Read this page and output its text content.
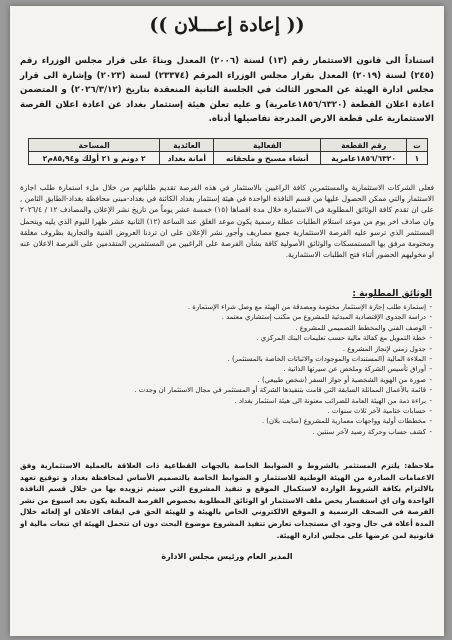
(( إعادة إعـــلان ))
استناداً الى قانون الاستثمار رقم (١٣) لسنة (٢٠٠٦) المعدل وبناءً على قرار مجلس الوزراء رقم (٢٤٥) لسنة (٢٠١٩) المعدل بقرار مجلس الوزراء المرقم (٢٣٣٧٤) لسنة (٢٠٢٣) وإشارة الى قرار مجلس ادارة الهيئة عن المحور الثالث في الجلسة الثانية المنعقدة بتاريخ (٢٠٢٦/٣/١٢) و المتضمن اعادة اعلان القطعة (١٨٥٦/٦٣٢٠عامرية) و عليه تعلن هيئة إستثمار بغداد عن اعادة اعلان الفرصة الاستثمارية على قطعة الارض المدرجة تفاصيلها أدناه.
ت	رقم القطعة	الفعالية	العائدية	المساحة
١	١٨٥٦/٦٣٢٠عامرية	أنشاء مسبح و ملحقاته	أمانة بغداد	٢ دونم و ٢١ أولك و٨٥,٩٤م٢
فعلى الشركات الاستثمارية والمستثمرين كافة الراغبين بالاستثمار في هذه الفرصة تقديم طلباتهم من خلال ملء استمارة طلب اجازة الاستثمار والتي ممكن الحصول عليها من قسم النافذة الواحدة في هيئة إستثمار بغداد الكائنة في بغداد-مبنى محافظة بغداد-الطابق الثامن , على ان تقدم كافة الوثائق المطلوبة في الاستمارة خلال مدة اقصاها (١٥) خمسة عشر يوماً من تاريخ نشر الإعلان والمصادف ١٢ / ٢٠٢٦/٤ وان صادف اخر يوم من موعد استلام الطلبات عطلة رسمية يكون موعد الغلق عند الساعة (١٢) الثانية عشر ظهرا لليوم الذي يليه ويتحمل المستثمر الذي ترسو عليه الفرصة الاستثمارية جميع مصاريف وأجور نشر الإعلان على ان تردنا العروض الفنية والتجارية بظروف مغلقة ومختومة مرفق بها المستمسكات والوثائق الأصولية كافة بشأن الفرصة على الراغبين من المستثمرين المتقدمين على الفرصة الاعلان عنه او مخوليهم الحضور أثناء فتح الطلبات الاستثمارية.
الوثائق المطلوبة :
- إستمارة طلب إجازة الإستثمار مختومة ومصدقة من الهيئة مع وصل شراء الإستمارة .
- دراسة الجدوى الإقتصادية المبدئية للمشروع من مكتب إستشاري معتمد .
- الوصف الفني والمخطط التصميمي للمشروع .
- خطة التمويل مع كفالة مالية حسب تعليمات البنك المركزي .
- جدول زمني لإنجاز المشروع .
- الملاءة المالية (المستندات والموجودات والاثباتات الخاصة بالمستثمر) .
- أوراق تأسيس الشركة وملخص عن سيرتها الذاتية .
- صورة من الهوية الشخصية أو جواز السفر (شخص طبيعي) .
- قائمة بالأعمال المماثلة السابقة التي قامت بتنفيذها الشركة أو المستثمر في مجال الاستثمار ان وجدت .
- براءة ذمة من الهيئة العامة للضرائب معنونة الى هيئة استثمار بغداد .
- حسابات ختامية لآخر ثلاث سنوات .
- مخططات أولية وواجهات معمارية للمشروع (سايت بلان) .
- كشف حساب وحركة رصيد لآخر سنتين .
ملاحظة: يلتزم المستثمر بالشروط و الضوابط الخاصة بالجهات القطاعية ذات العلاقة بالعملية الاستثمارية وفق الاعمامات الصادرة من الهيئة الوطنية للاستثمار و الضوابط الخاصة بالتصميم الأساس لمحافظة بغداد و توقيع تعهد بالالتزام بكافة الشروط الواردة لاستكمال الموقع و تنفيذ المشروع التي سيتم تزويده بها من خلال قسم النافذة الواحدة وان اي استفسار يخص ملف الاستثمار او الوثائق المطلوبة بخصوص الفرصة المعلنة يكون بعد اسبوع من نشر الفرصة في الصحف الرسمية و الموقع الالكتروني الخاص بالهيئة و للهيئة الحق في ايقاف الاعلان او إلغائه خلال المدة أعلاه في حال وجود اي مستجدات تعارض تنفيذ المشروع موضوع البحث دون ان تتحمل الهيئة اي تبعات مالية او قانونية لمن عرضها على مجلس ادارة الهيئة.
المدير العام ورئيس مجلس الادارة
